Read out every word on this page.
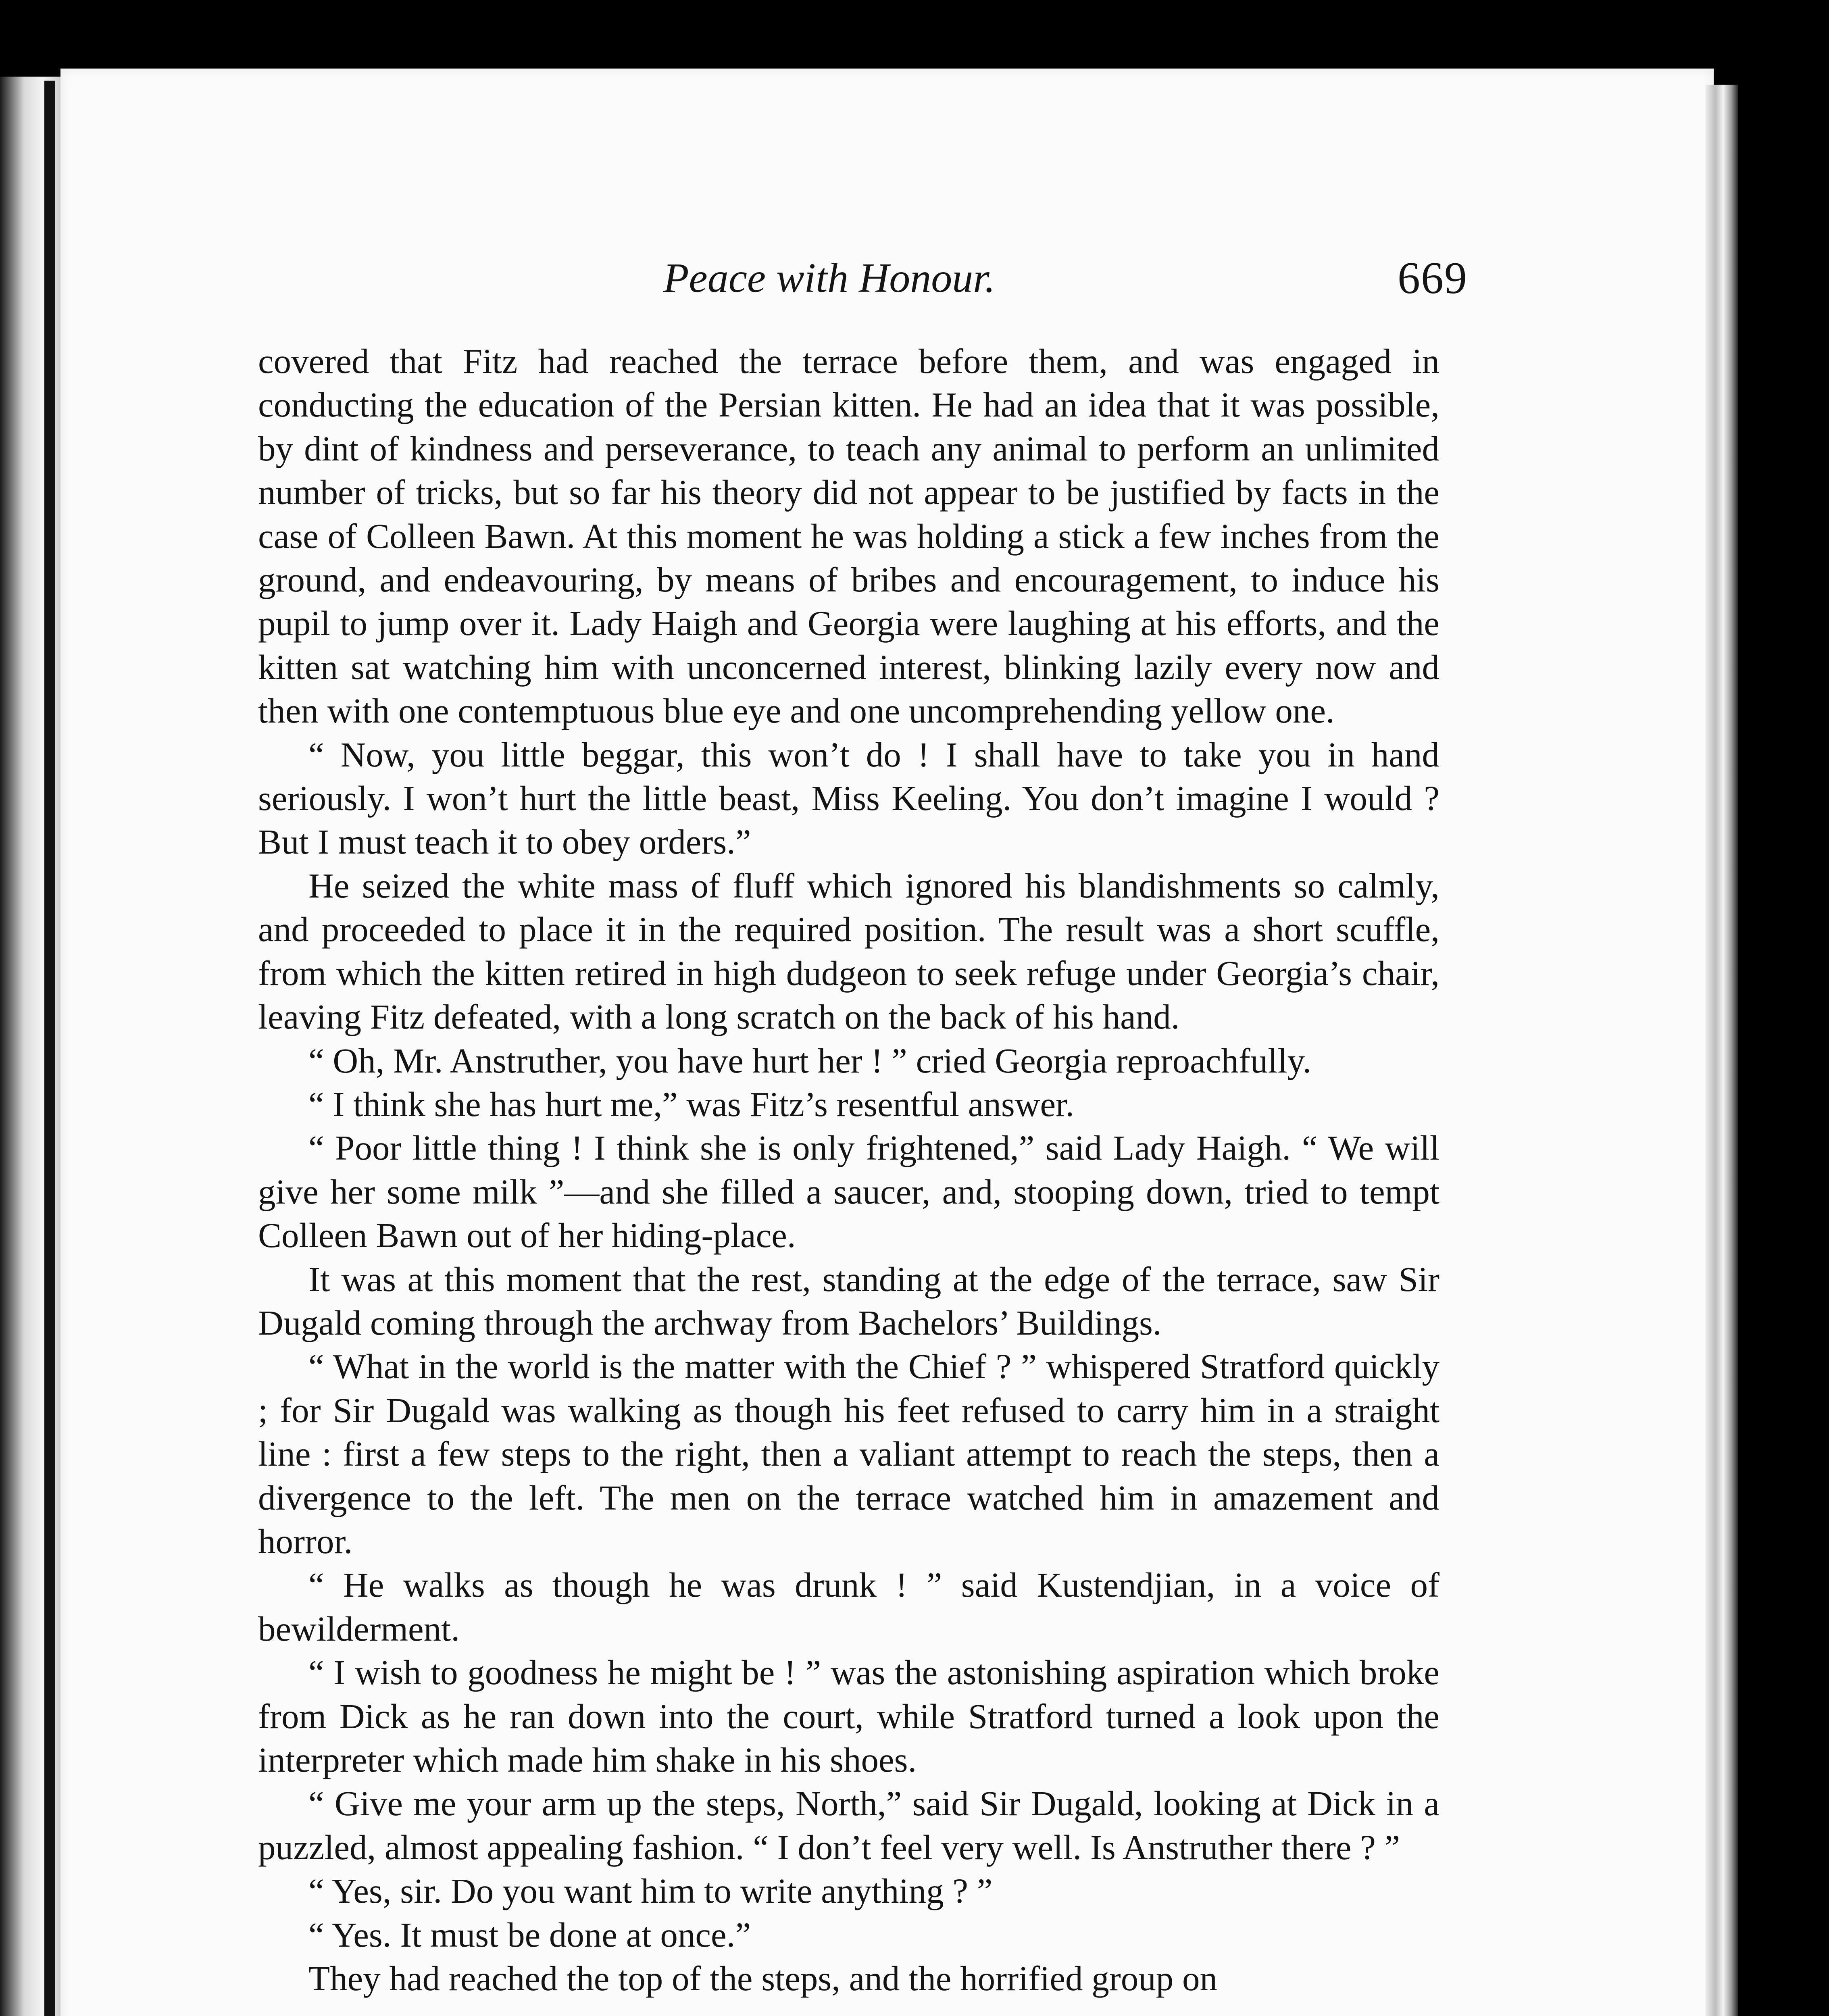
Peace with Honour.	669

covered that Fitz had reached the terrace before them, and was engaged in conducting the education of the Persian kitten. He had an idea that it was possible, by dint of kindness and perseverance, to teach any animal to perform an unlimited number of tricks, but so far his theory did not appear to be justified by facts in the case of Colleen Bawn. At this moment he was holding a stick a few inches from the ground, and endeavouring, by means of bribes and encouragement, to induce his pupil to jump over it. Lady Haigh and Georgia were laughing at his efforts, and the kitten sat watching him with unconcerned interest, blinking lazily every now and then with one contemptuous blue eye and one uncomprehending yellow one.

“ Now, you little beggar, this won’t do ! I shall have to take you in hand seriously. I won’t hurt the little beast, Miss Keeling. You don’t imagine I would ? But I must teach it to obey orders.”

He seized the white mass of fluff which ignored his blandishments so calmly, and proceeded to place it in the required position. The result was a short scuffle, from which the kitten retired in high dudgeon to seek refuge under Georgia’s chair, leaving Fitz defeated, with a long scratch on the back of his hand.

“ Oh, Mr. Anstruther, you have hurt her ! ” cried Georgia reproachfully.

“ I think she has hurt me,” was Fitz’s resentful answer.

“ Poor little thing ! I think she is only frightened,” said Lady Haigh. “ We will give her some milk ”—and she filled a saucer, and, stooping down, tried to tempt Colleen Bawn out of her hiding-place.

It was at this moment that the rest, standing at the edge of the terrace, saw Sir Dugald coming through the archway from Bachelors’ Buildings.

“ What in the world is the matter with the Chief ? ” whispered Stratford quickly ; for Sir Dugald was walking as though his feet refused to carry him in a straight line : first a few steps to the right, then a valiant attempt to reach the steps, then a divergence to the left. The men on the terrace watched him in amazement and horror.

“ He walks as though he was drunk ! ” said Kustendjian, in a voice of bewilderment.

“ I wish to goodness he might be ! ” was the astonishing aspiration which broke from Dick as he ran down into the court, while Stratford turned a look upon the interpreter which made him shake in his shoes.

“ Give me your arm up the steps, North,” said Sir Dugald, looking at Dick in a puzzled, almost appealing fashion. “ I don’t feel very well. Is Anstruther there ? ”

“ Yes, sir. Do you want him to write anything ? ”

“ Yes. It must be done at once.”

They had reached the top of the steps, and the horrified group on
